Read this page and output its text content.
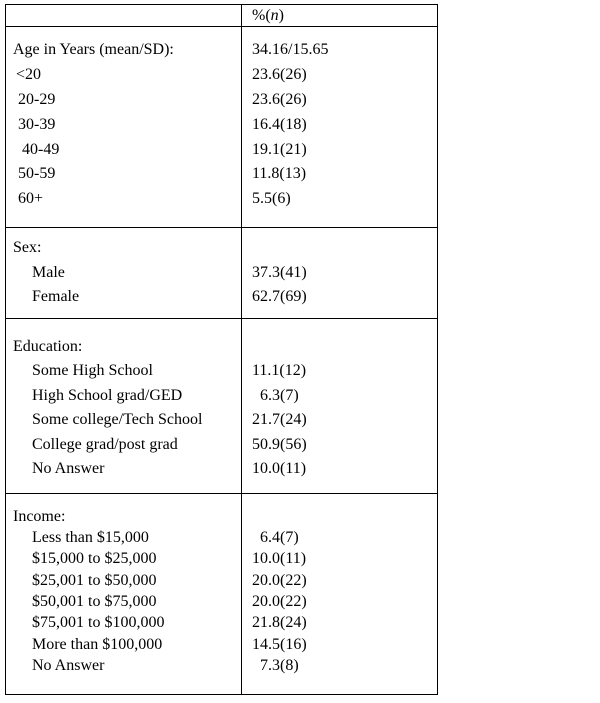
%(n)
Age in Years (mean/SD):	34.16/15.65
<20	23.6(26)
20-29	23.6(26)
30-39	16.4(18)
40-49	19.1(21)
50-59	11.8(13)
60+	5.5(6)
Sex:
Male	37.3(41)
Female	62.7(69)
Education:
Some High School	11.1(12)
High School grad/GED	6.3(7)
Some college/Tech School	21.7(24)
College grad/post grad	50.9(56)
No Answer	10.0(11)
Income:
Less than $15,000	6.4(7)
$15,000 to $25,000	10.0(11)
$25,001 to $50,000	20.0(22)
$50,001 to $75,000	20.0(22)
$75,001 to $100,000	21.8(24)
More than $100,000	14.5(16)
No Answer	7.3(8)
